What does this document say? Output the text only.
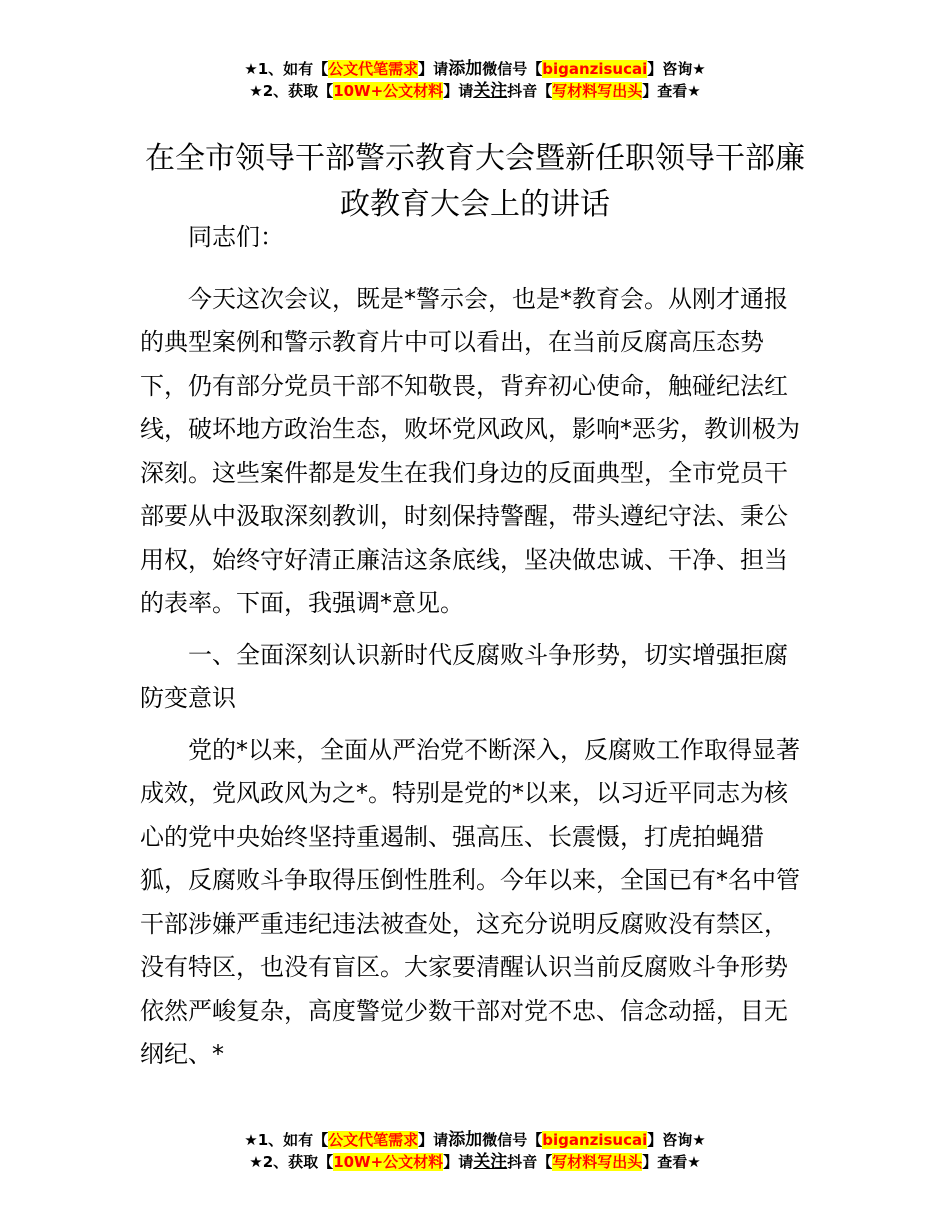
★1、如有【公文代笔需求】请添加微信号【biganzisucai】咨询★
★2、获取【10W+公文材料】请关注抖音【写材料写出头】查看★
在全市领导干部警示教育大会暨新任职领导干部廉政教育大会上的讲话

同志们：

今天这次会议，既是*警示会，也是*教育会。从刚才通报的典型案例和警示教育片中可以看出，在当前反腐高压态势下，仍有部分党员干部不知敬畏，背弃初心使命，触碰纪法红线，破坏地方政治生态，败坏党风政风，影响*恶劣，教训极为深刻。这些案件都是发生在我们身边的反面典型，全市党员干部要从中汲取深刻教训，时刻保持警醒，带头遵纪守法、秉公用权，始终守好清正廉洁这条底线，坚决做忠诚、干净、担当的表率。下面，我强调*意见。

一、全面深刻认识新时代反腐败斗争形势，切实增强拒腐防变意识

党的*以来，全面从严治党不断深入，反腐败工作取得显著成效，党风政风为之*。特别是党的*以来，以习近平同志为核心的党中央始终坚持重遏制、强高压、长震慑，打虎拍蝇猎狐，反腐败斗争取得压倒性胜利。今年以来，全国已有*名中管干部涉嫌严重违纪违法被查处，这充分说明反腐败没有禁区，没有特区，也没有盲区。大家要清醒认识当前反腐败斗争形势依然严峻复杂，高度警觉少数干部对党不忠、信念动摇，目无纲纪、*

★1、如有【公文代笔需求】请添加微信号【biganzisucai】咨询★
★2、获取【10W+公文材料】请关注抖音【写材料写出头】查看★
